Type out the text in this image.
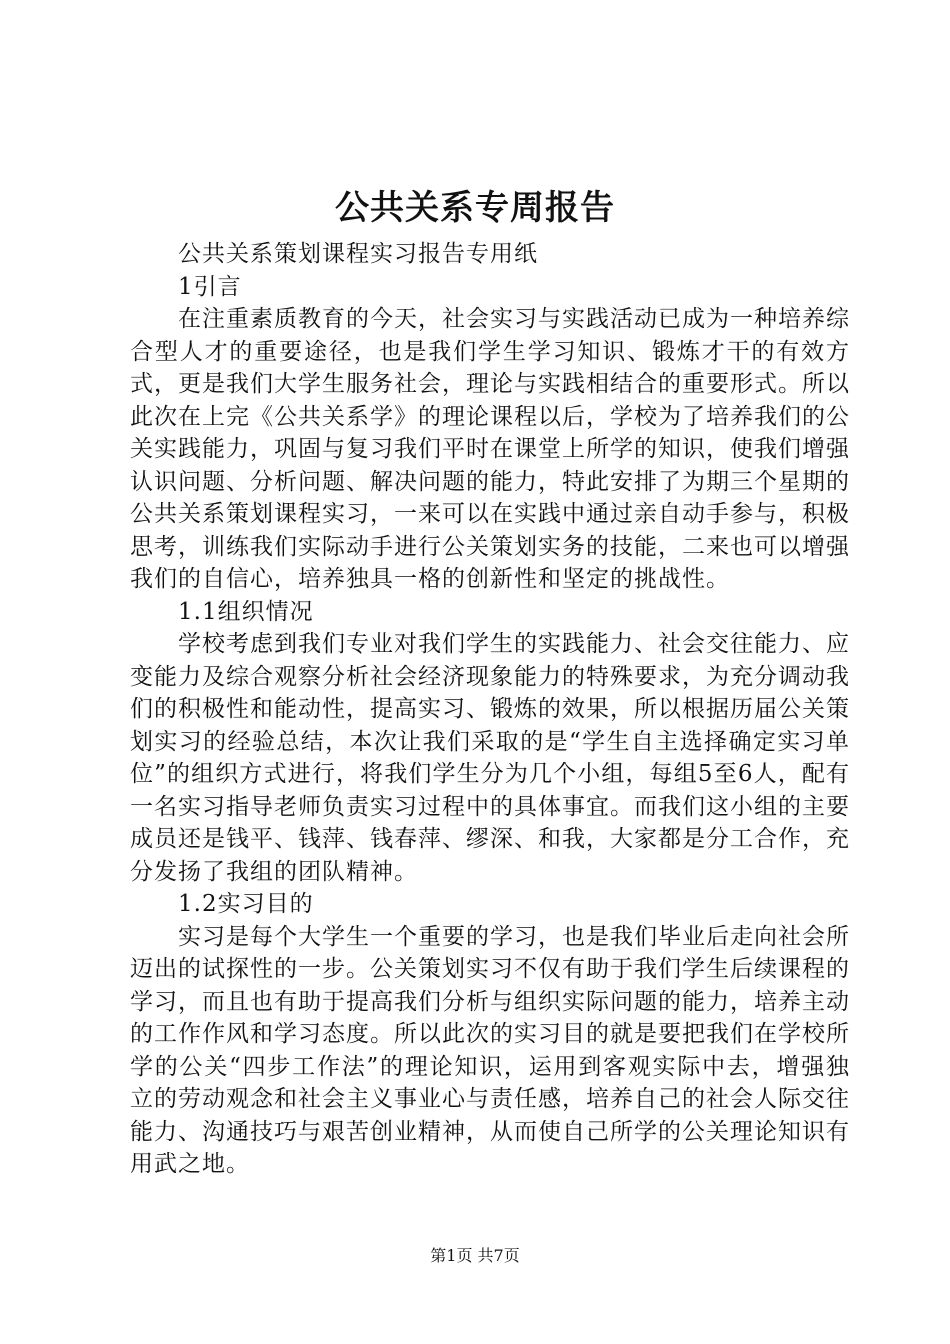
公共关系专周报告

公共关系策划课程实习报告专用纸

1引言

在注重素质教育的今天，社会实习与实践活动已成为一种培养综合型人才的重要途径，也是我们学生学习知识、锻炼才干的有效方式，更是我们大学生服务社会，理论与实践相结合的重要形式。所以此次在上完《公共关系学》的理论课程以后，学校为了培养我们的公关实践能力，巩固与复习我们平时在课堂上所学的知识，使我们增强认识问题、分析问题、解决问题的能力，特此安排了为期三个星期的公共关系策划课程实习，一来可以在实践中通过亲自动手参与，积极思考，训练我们实际动手进行公关策划实务的技能，二来也可以增强我们的自信心，培养独具一格的创新性和坚定的挑战性。

1.1组织情况

学校考虑到我们专业对我们学生的实践能力、社会交往能力、应变能力及综合观察分析社会经济现象能力的特殊要求，为充分调动我们的积极性和能动性，提高实习、锻炼的效果，所以根据历届公关策划实习的经验总结，本次让我们采取的是“学生自主选择确定实习单位”的组织方式进行，将我们学生分为几个小组，每组5至6人，配有一名实习指导老师负责实习过程中的具体事宜。而我们这小组的主要成员还是钱平、钱萍、钱春萍、缪深、和我，大家都是分工合作，充分发扬了我组的团队精神。

1.2实习目的

实习是每个大学生一个重要的学习，也是我们毕业后走向社会所迈出的试探性的一步。公关策划实习不仅有助于我们学生后续课程的学习，而且也有助于提高我们分析与组织实际问题的能力，培养主动的工作作风和学习态度。所以此次的实习目的就是要把我们在学校所学的公关“四步工作法”的理论知识，运用到客观实际中去，增强独立的劳动观念和社会主义事业心与责任感，培养自己的社会人际交往能力、沟通技巧与艰苦创业精神，从而使自己所学的公关理论知识有用武之地。

第1页 共7页
